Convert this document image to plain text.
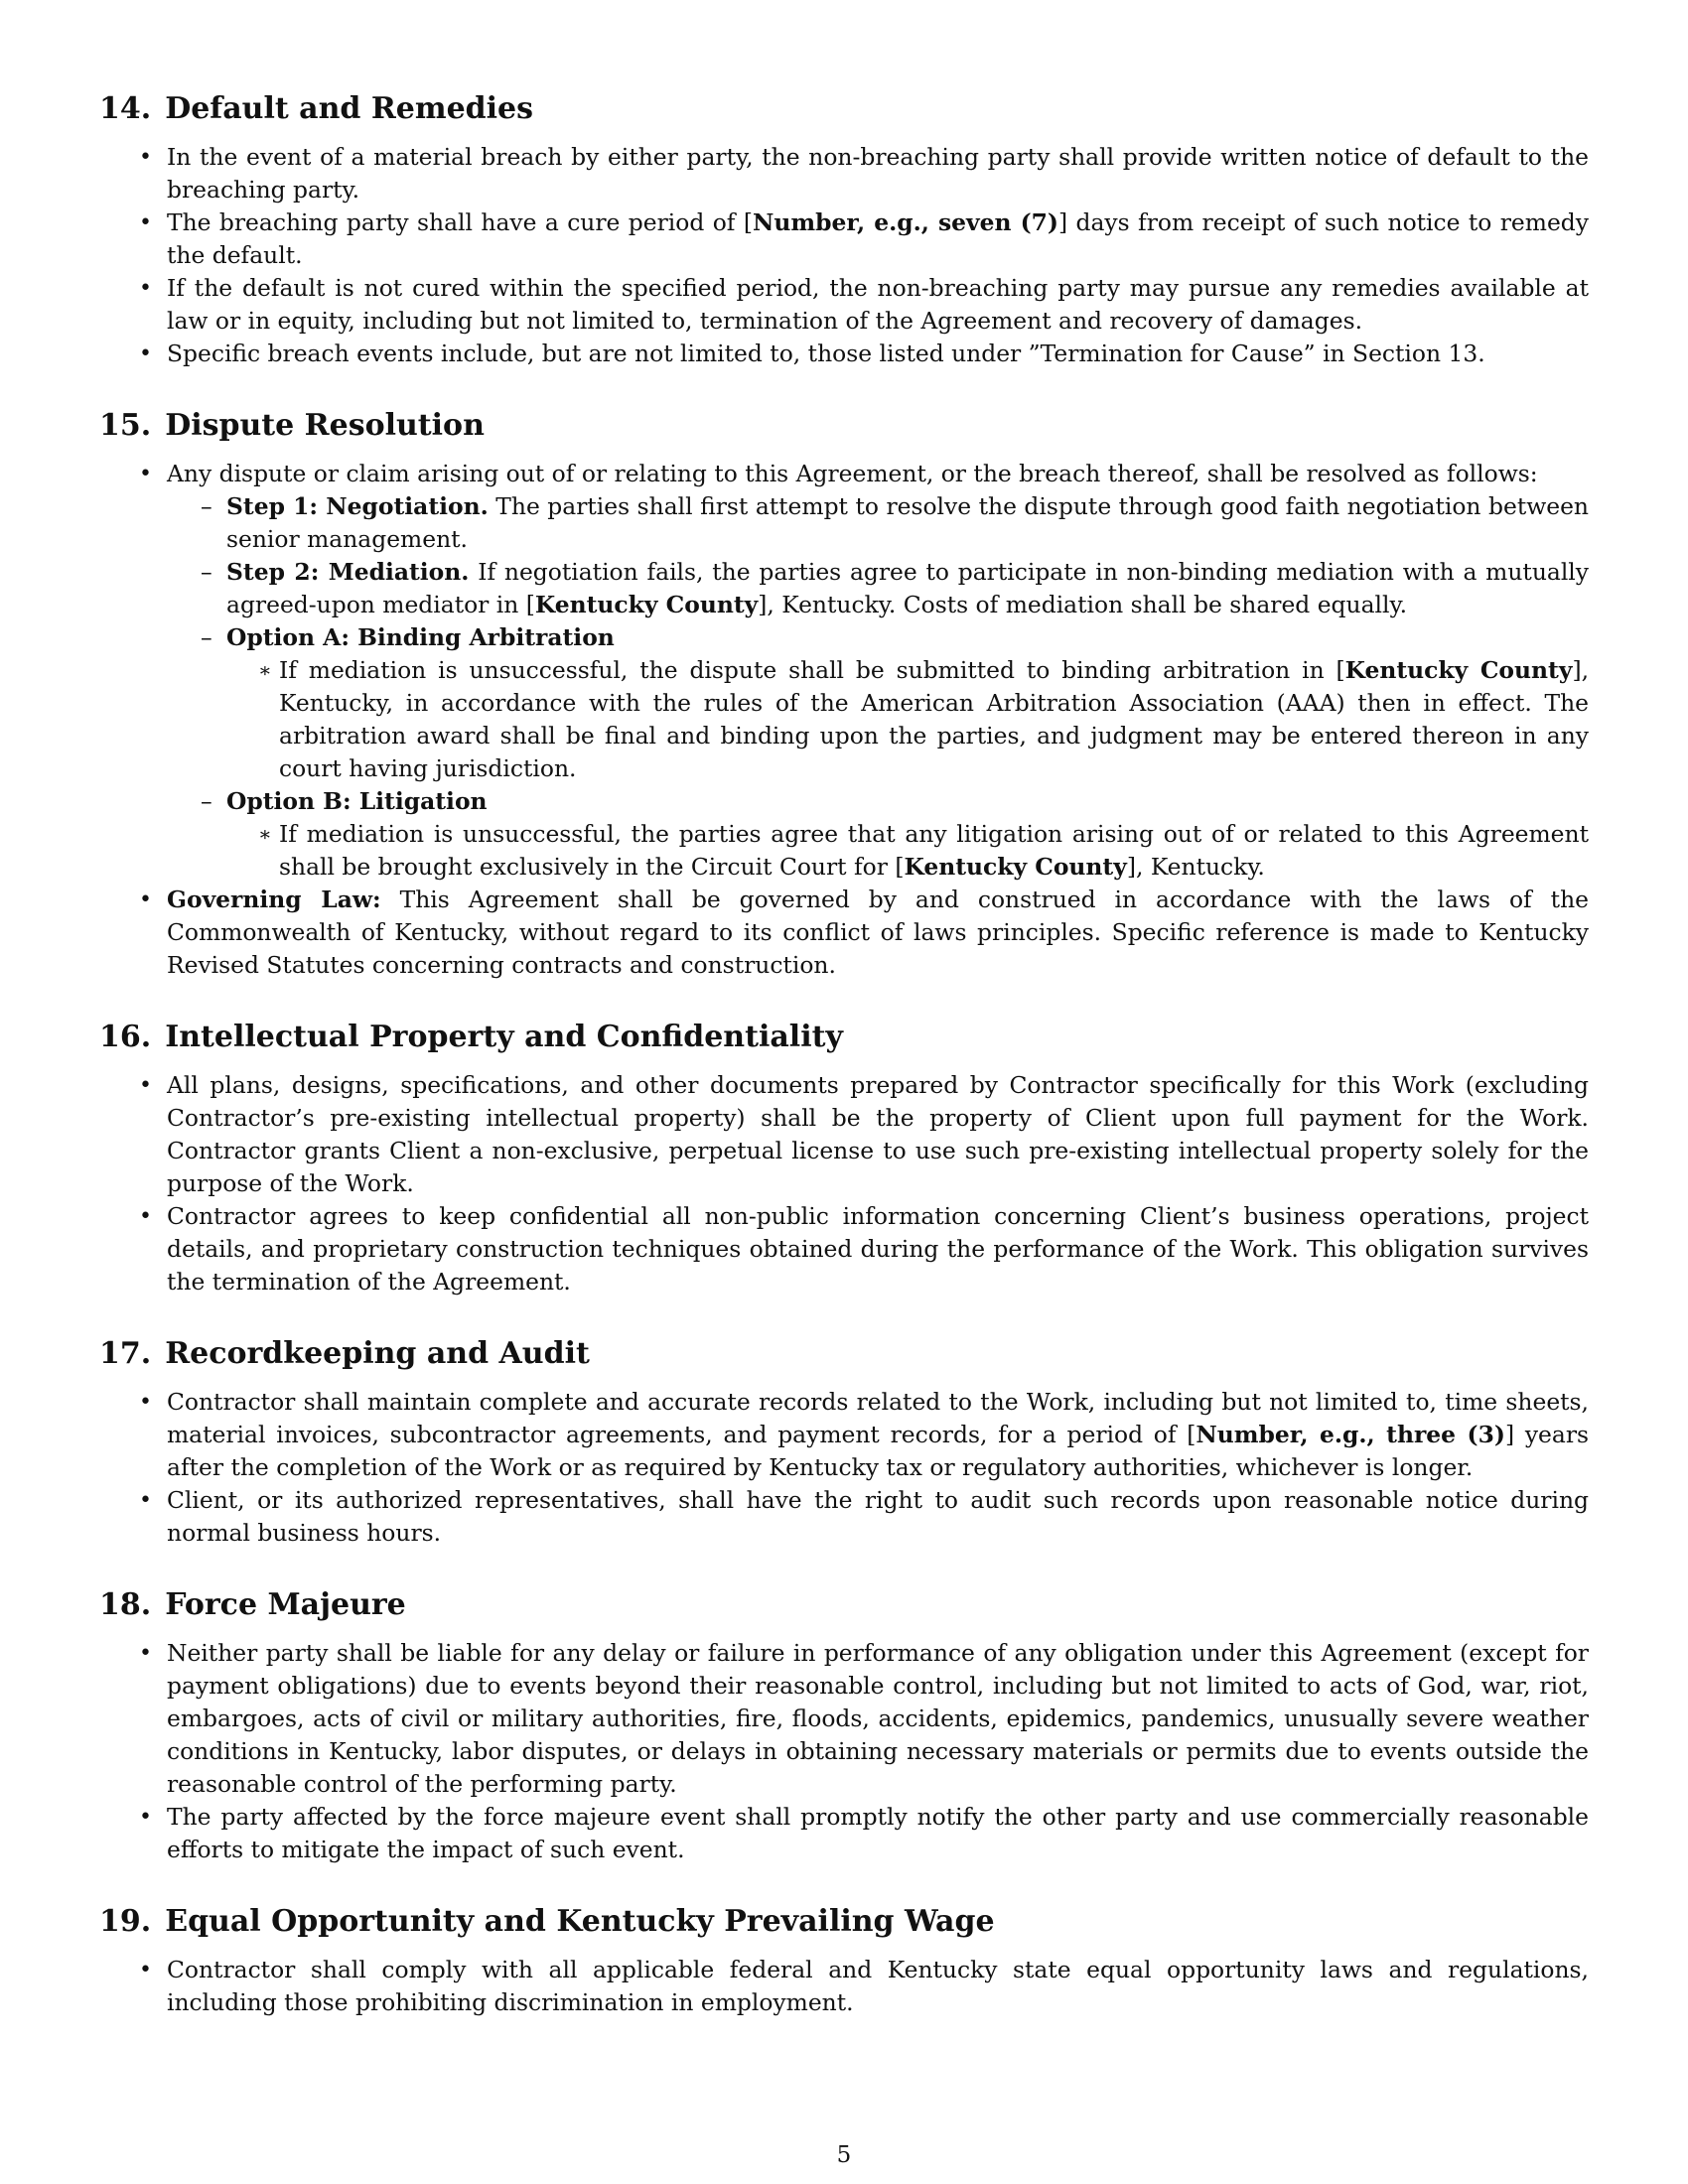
14. Default and Remedies
• In the event of a material breach by either party, the non-breaching party shall provide written notice of default to the breaching party.
• The breaching party shall have a cure period of [Number, e.g., seven (7)] days from receipt of such notice to remedy the default.
• If the default is not cured within the specified period, the non-breaching party may pursue any remedies available at law or in equity, including but not limited to, termination of the Agreement and recovery of damages.
• Specific breach events include, but are not limited to, those listed under ”Termination for Cause” in Section 13.
15. Dispute Resolution
• Any dispute or claim arising out of or relating to this Agreement, or the breach thereof, shall be resolved as follows:
– Step 1: Negotiation. The parties shall first attempt to resolve the dispute through good faith negotiation between senior management.
– Step 2: Mediation. If negotiation fails, the parties agree to participate in non-binding mediation with a mutually agreed-upon mediator in [Kentucky County], Kentucky. Costs of mediation shall be shared equally.
– Option A: Binding Arbitration
∗ If mediation is unsuccessful, the dispute shall be submitted to binding arbitration in [Kentucky County], Kentucky, in accordance with the rules of the American Arbitration Association (AAA) then in effect. The arbitration award shall be final and binding upon the parties, and judgment may be entered thereon in any court having jurisdiction.
– Option B: Litigation
∗ If mediation is unsuccessful, the parties agree that any litigation arising out of or related to this Agreement shall be brought exclusively in the Circuit Court for [Kentucky County], Kentucky.
• Governing Law: This Agreement shall be governed by and construed in accordance with the laws of the Commonwealth of Kentucky, without regard to its conflict of laws principles. Specific reference is made to Kentucky Revised Statutes concerning contracts and construction.
16. Intellectual Property and Confidentiality
• All plans, designs, specifications, and other documents prepared by Contractor specifically for this Work (excluding Contractor’s pre-existing intellectual property) shall be the property of Client upon full payment for the Work. Contractor grants Client a non-exclusive, perpetual license to use such pre-existing intellectual property solely for the purpose of the Work.
• Contractor agrees to keep confidential all non-public information concerning Client’s business operations, project details, and proprietary construction techniques obtained during the performance of the Work. This obligation survives the termination of the Agreement.
17. Recordkeeping and Audit
• Contractor shall maintain complete and accurate records related to the Work, including but not limited to, time sheets, material invoices, subcontractor agreements, and payment records, for a period of [Number, e.g., three (3)] years after the completion of the Work or as required by Kentucky tax or regulatory authorities, whichever is longer.
• Client, or its authorized representatives, shall have the right to audit such records upon reasonable notice during normal business hours.
18. Force Majeure
• Neither party shall be liable for any delay or failure in performance of any obligation under this Agreement (except for payment obligations) due to events beyond their reasonable control, including but not limited to acts of God, war, riot, embargoes, acts of civil or military authorities, fire, floods, accidents, epidemics, pandemics, unusually severe weather conditions in Kentucky, labor disputes, or delays in obtaining necessary materials or permits due to events outside the reasonable control of the performing party.
• The party affected by the force majeure event shall promptly notify the other party and use commercially reasonable efforts to mitigate the impact of such event.
19. Equal Opportunity and Kentucky Prevailing Wage
• Contractor shall comply with all applicable federal and Kentucky state equal opportunity laws and regulations, including those prohibiting discrimination in employment.
5
